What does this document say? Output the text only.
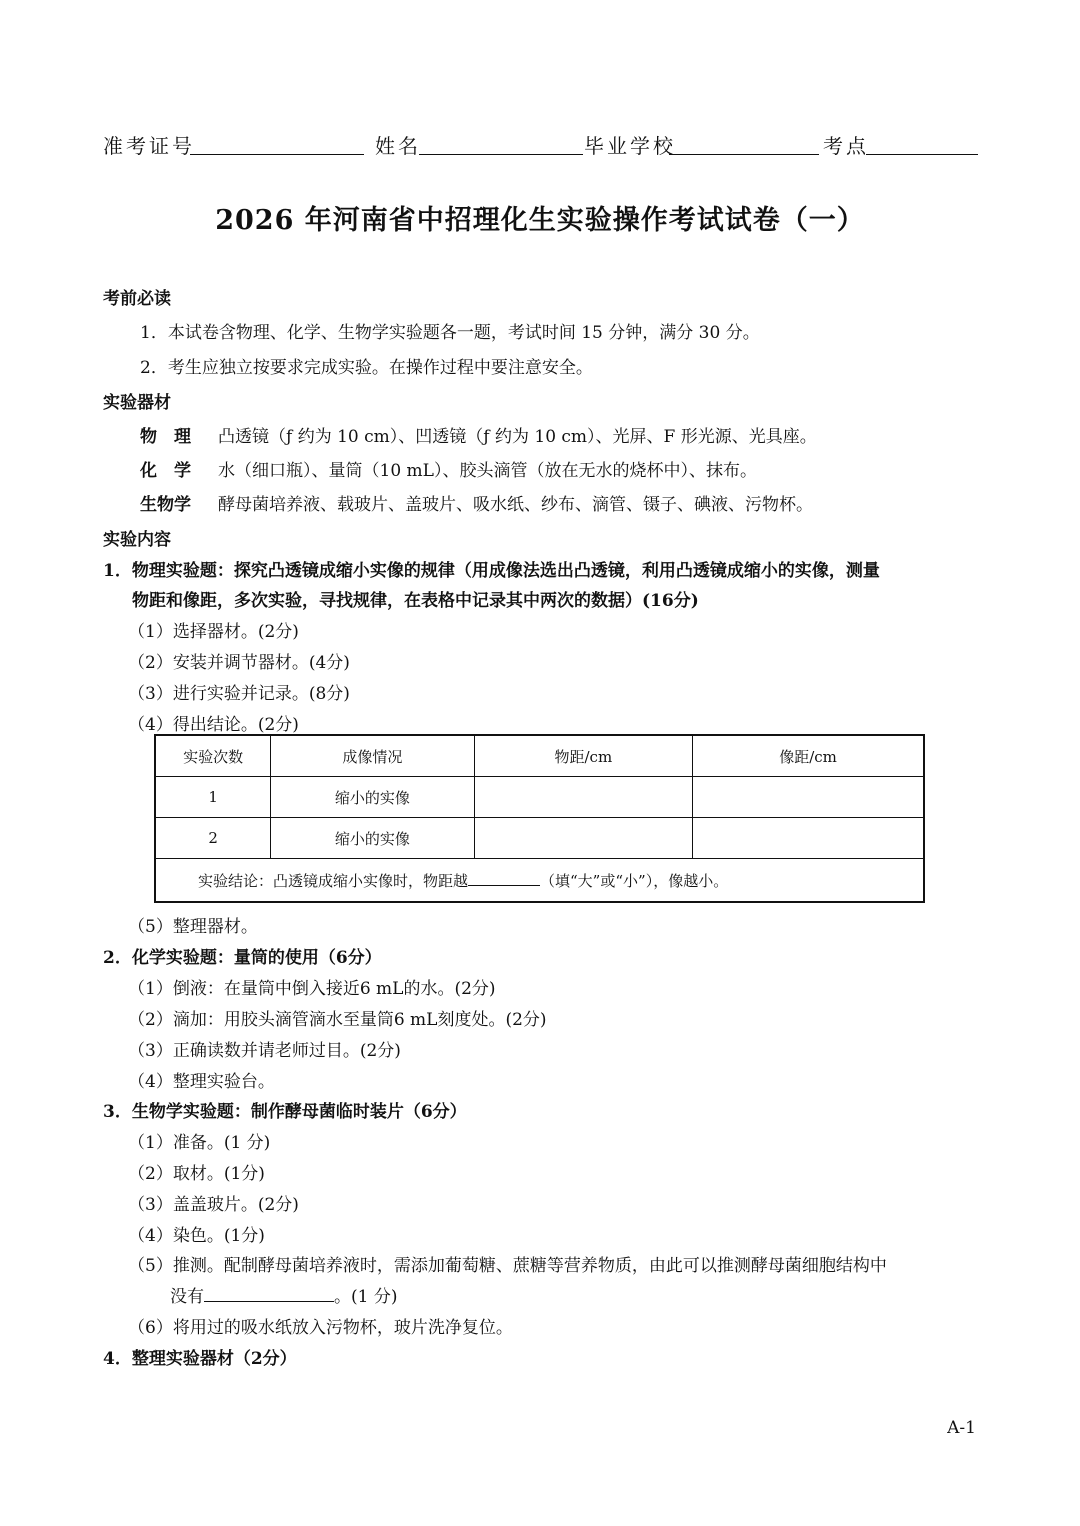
准考证号	姓名	毕业学校	考点
2026 年河南省中招理化生实验操作考试试卷（一）
考前必读
1．本试卷含物理、化学、生物学实验题各一题，考试时间 15 分钟，满分 30 分。
2．考生应独立按要求完成实验。在操作过程中要注意安全。
实验器材
物　理 凸透镜（ƒ 约为 10 cm）、凹透镜（ƒ 约为 10 cm）、光屏、F 形光源、光具座。
化　学 水（细口瓶）、量筒（10 mL）、胶头滴管（放在无水的烧杯中）、抹布。
生物学 酵母菌培养液、载玻片、盖玻片、吸水纸、纱布、滴管、镊子、碘液、污物杯。
实验内容
1．物理实验题：探究凸透镜成缩小实像的规律（用成像法选出凸透镜，利用凸透镜成缩小的实像，测量
物距和像距，多次实验，寻找规律，在表格中记录其中两次的数据）(16分)
（1）选择器材。(2分)
（2）安装并调节器材。(4分)
（3）进行实验并记录。(8分)
（4）得出结论。(2分)
实验次数	成像情况	物距/cm	像距/cm
1	缩小的实像		
2	缩小的实像		
实验结论：凸透镜成缩小实像时，物距越 （填“大”或“小”），像越小。			
（5）整理器材。
2．化学实验题：量筒的使用（6分）
（1）倒液：在量筒中倒入接近6 mL的水。(2分)
（2）滴加：用胶头滴管滴水至量筒6 mL刻度处。(2分)
（3）正确读数并请老师过目。(2分)
（4）整理实验台。
3．生物学实验题：制作酵母菌临时装片（6分）
（1）准备。(1 分)
（2）取材。(1分)
（3）盖盖玻片。(2分)
（4）染色。(1分)
（5）推测。配制酵母菌培养液时，需添加葡萄糖、蔗糖等营养物质，由此可以推测酵母菌细胞结构中
没有	。(1 分)
（6）将用过的吸水纸放入污物杯，玻片洗净复位。
4．整理实验器材（2分）
A-1
